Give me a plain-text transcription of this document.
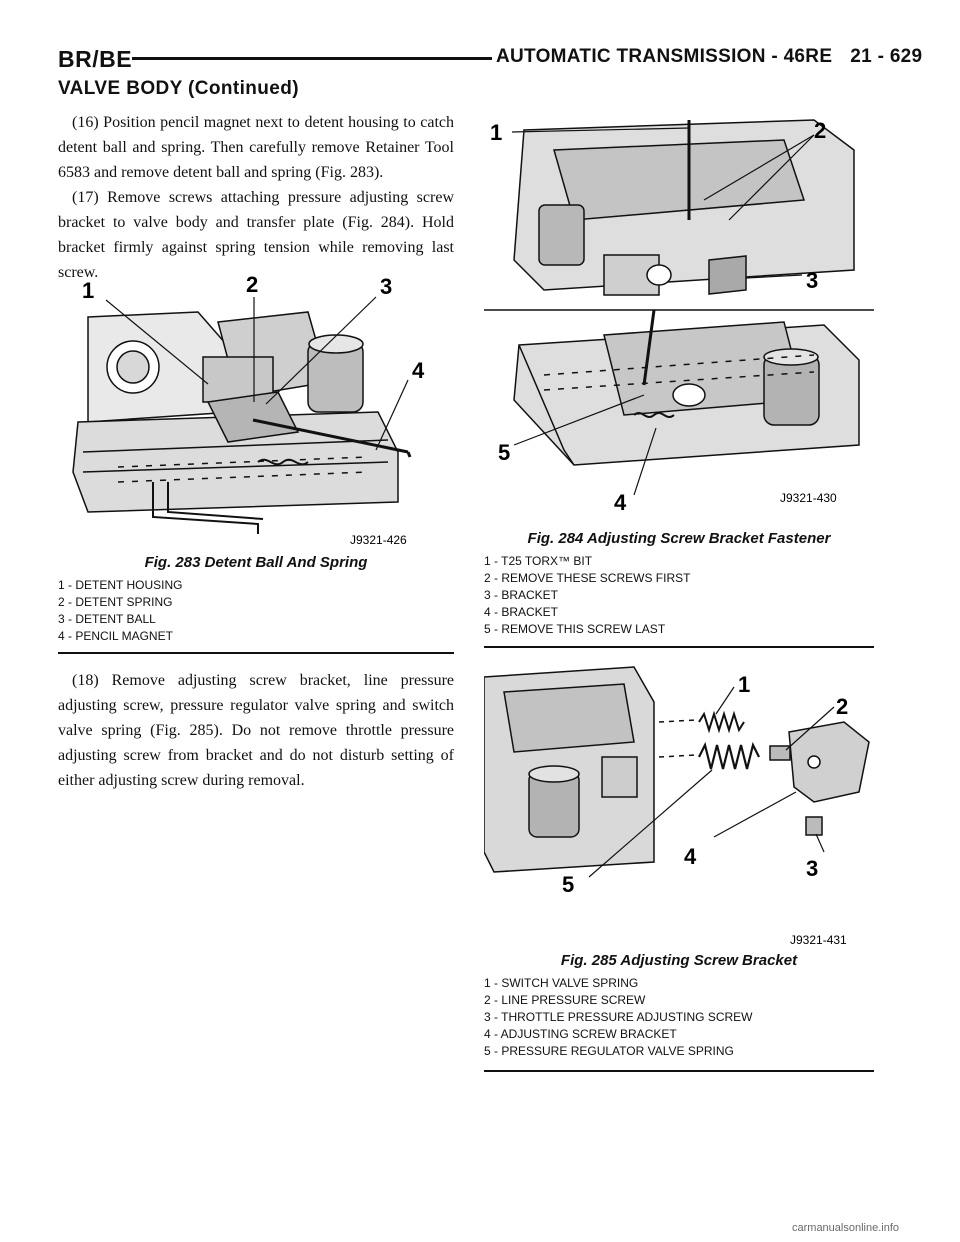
BR/BE	AUTOMATIC TRANSMISSION - 46RE 21 - 629
VALVE BODY (Continued)

(16) Position pencil magnet next to detent housing to catch detent ball and spring. Then carefully remove Retainer Tool 6583 and remove detent ball and spring (Fig. 283).

(17) Remove screws attaching pressure adjusting screw bracket to valve body and transfer plate (Fig. 284). Hold bracket firmly against spring tension while removing last screw.

1	2	3
4
J9321-426

Fig. 283 Detent Ball And Spring

1 - DETENT HOUSING

2 - DETENT SPRING

3 - DETENT BALL

4 - PENCIL MAGNET

(18) Remove adjusting screw bracket, line pressure adjusting screw, pressure regulator valve spring and switch valve spring (Fig. 285). Do not remove throttle pressure adjusting screw from bracket and do not disturb setting of either adjusting screw during removal.

1	2
3
4
5
J9321-430

Fig. 284 Adjusting Screw Bracket Fastener

1 - T25 TORX™ BIT

2 - REMOVE THESE SCREWS FIRST

3 - BRACKET

4 - BRACKET

5 - REMOVE THIS SCREW LAST

1
2
3
4
5
J9321-431

Fig. 285 Adjusting Screw Bracket

1 - SWITCH VALVE SPRING

2 - LINE PRESSURE SCREW

3 - THROTTLE PRESSURE ADJUSTING SCREW

4 - ADJUSTING SCREW BRACKET

5 - PRESSURE REGULATOR VALVE SPRING

carmanualsonline.info
